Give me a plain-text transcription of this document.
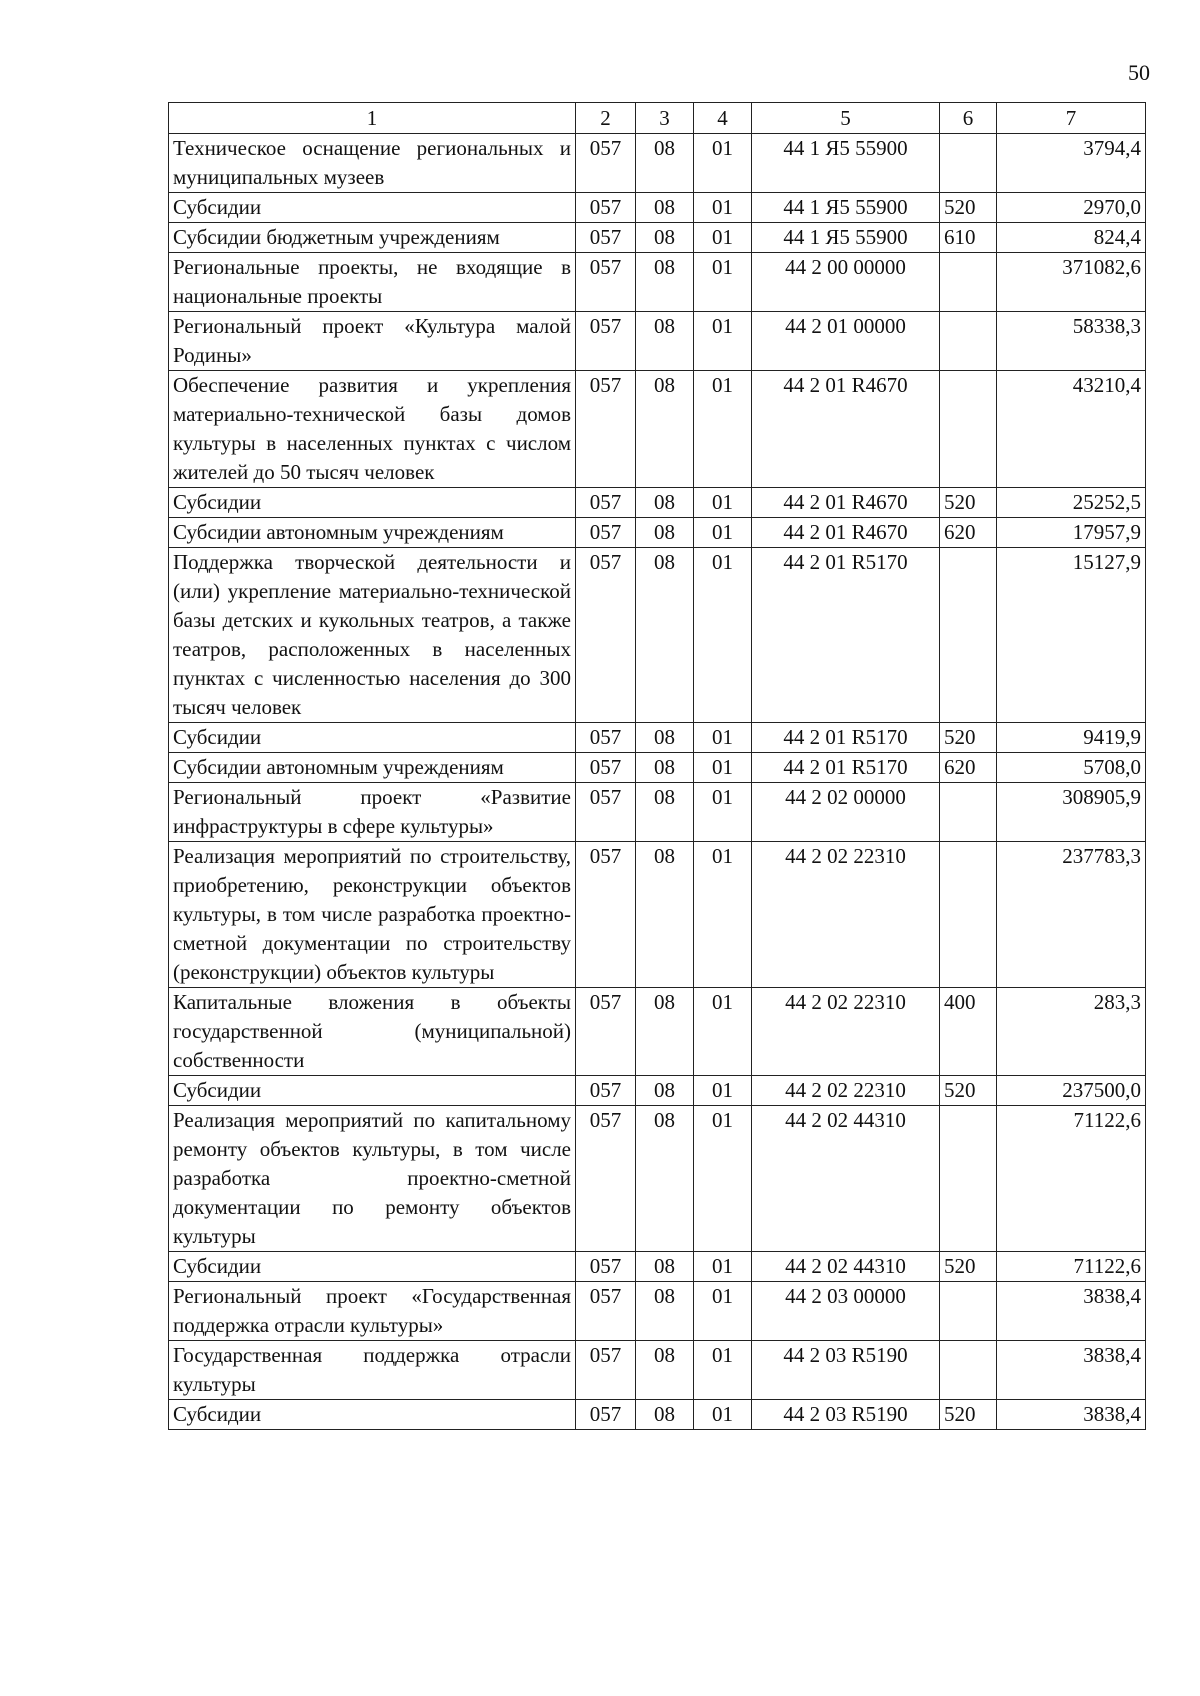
50
1	2	3	4	5	6	7
Техническое оснащение региональных и муниципальных музеев	057	08	01	44 1 Я5 55900		3794,4
Субсидии	057	08	01	44 1 Я5 55900	520	2970,0
Субсидии бюджетным учреждениям	057	08	01	44 1 Я5 55900	610	824,4
Региональные проекты, не входящие в национальные проекты	057	08	01	44 2 00 00000		371082,6
Региональный проект «Культура малой Родины»	057	08	01	44 2 01 00000		58338,3
Обеспечение развития и укрепления материально-технической базы домов культуры в населенных пунктах с числом жителей до 50 тысяч человек	057	08	01	44 2 01 R4670		43210,4
Субсидии	057	08	01	44 2 01 R4670	520	25252,5
Субсидии автономным учреждениям	057	08	01	44 2 01 R4670	620	17957,9
Поддержка творческой деятельности и (или) укрепление материально-технической базы детских и кукольных театров, а также театров, расположенных в населенных пунктах с численностью населения до 300 тысяч человек	057	08	01	44 2 01 R5170		15127,9
Субсидии	057	08	01	44 2 01 R5170	520	9419,9
Субсидии автономным учреждениям	057	08	01	44 2 01 R5170	620	5708,0
Региональный проект «Развитие инфраструктуры в сфере культуры»	057	08	01	44 2 02 00000		308905,9
Реализация мероприятий по строительству, приобретению, реконструкции объектов культуры, в том числе разработка проектно-сметной документации по строительству (реконструкции) объектов культуры	057	08	01	44 2 02 22310		237783,3
Капитальные вложения в объекты государственной (муниципальной) собственности	057	08	01	44 2 02 22310	400	283,3
Субсидии	057	08	01	44 2 02 22310	520	237500,0
Реализация мероприятий по капитальному ремонту объектов культуры, в том числе разработка проектно-сметной документации по ремонту объектов культуры	057	08	01	44 2 02 44310		71122,6
Субсидии	057	08	01	44 2 02 44310	520	71122,6
Региональный проект «Государственная поддержка отрасли культуры»	057	08	01	44 2 03 00000		3838,4
Государственная поддержка отрасли культуры	057	08	01	44 2 03 R5190		3838,4
Субсидии	057	08	01	44 2 03 R5190	520	3838,4
